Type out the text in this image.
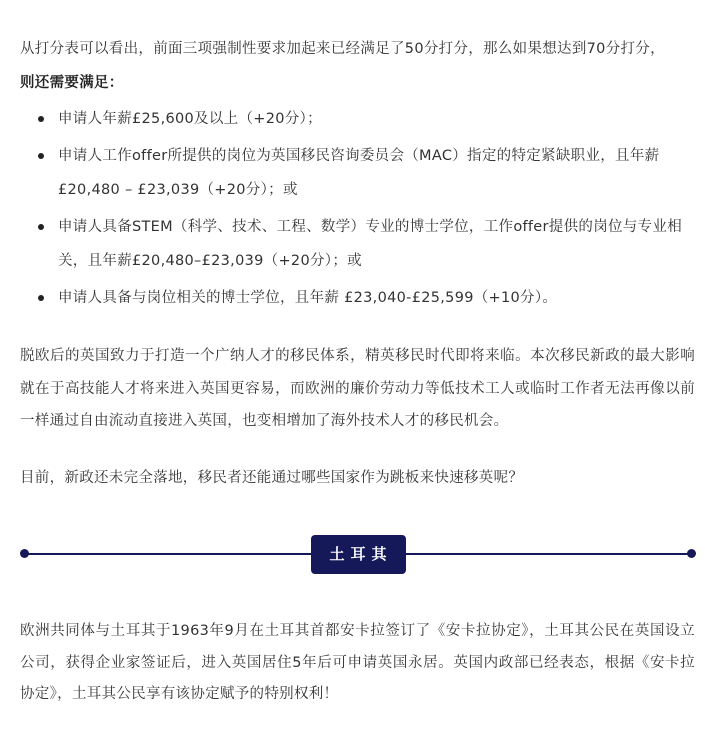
从打分表可以看出，前面三项强制性要求加起来已经满足了50分打分，那么如果想达到70分打分，

则还需要满足：

申请人年薪£25,600及以上（+20分）；
申请人工作offer所提供的岗位为英国移民咨询委员会（MAC）指定的特定紧缺职业，且年薪£20,480 – £23,039（+20分）；或
申请人具备STEM（科学、技术、工程、数学）专业的博士学位，工作offer提供的岗位与专业相关，且年薪£20,480–£23,039（+20分）；或
申请人具备与岗位相关的博士学位，且年薪 £23,040-£25,599（+10分）。

脱欧后的英国致力于打造一个广纳人才的移民体系，精英移民时代即将来临。本次移民新政的最大影响就在于高技能人才将来进入英国更容易，而欧洲的廉价劳动力等低技术工人或临时工作者无法再像以前一样通过自由流动直接进入英国，也变相增加了海外技术人才的移民机会。

目前，新政还未完全落地，移民者还能通过哪些国家作为跳板来快速移英呢？

土耳其

欧洲共同体与土耳其于1963年9月在土耳其首都安卡拉签订了《安卡拉协定》，土耳其公民在英国设立公司，获得企业家签证后，进入英国居住5年后可申请英国永居。英国内政部已经表态，根据《安卡拉协定》，土耳其公民享有该协定赋予的特别权利！
